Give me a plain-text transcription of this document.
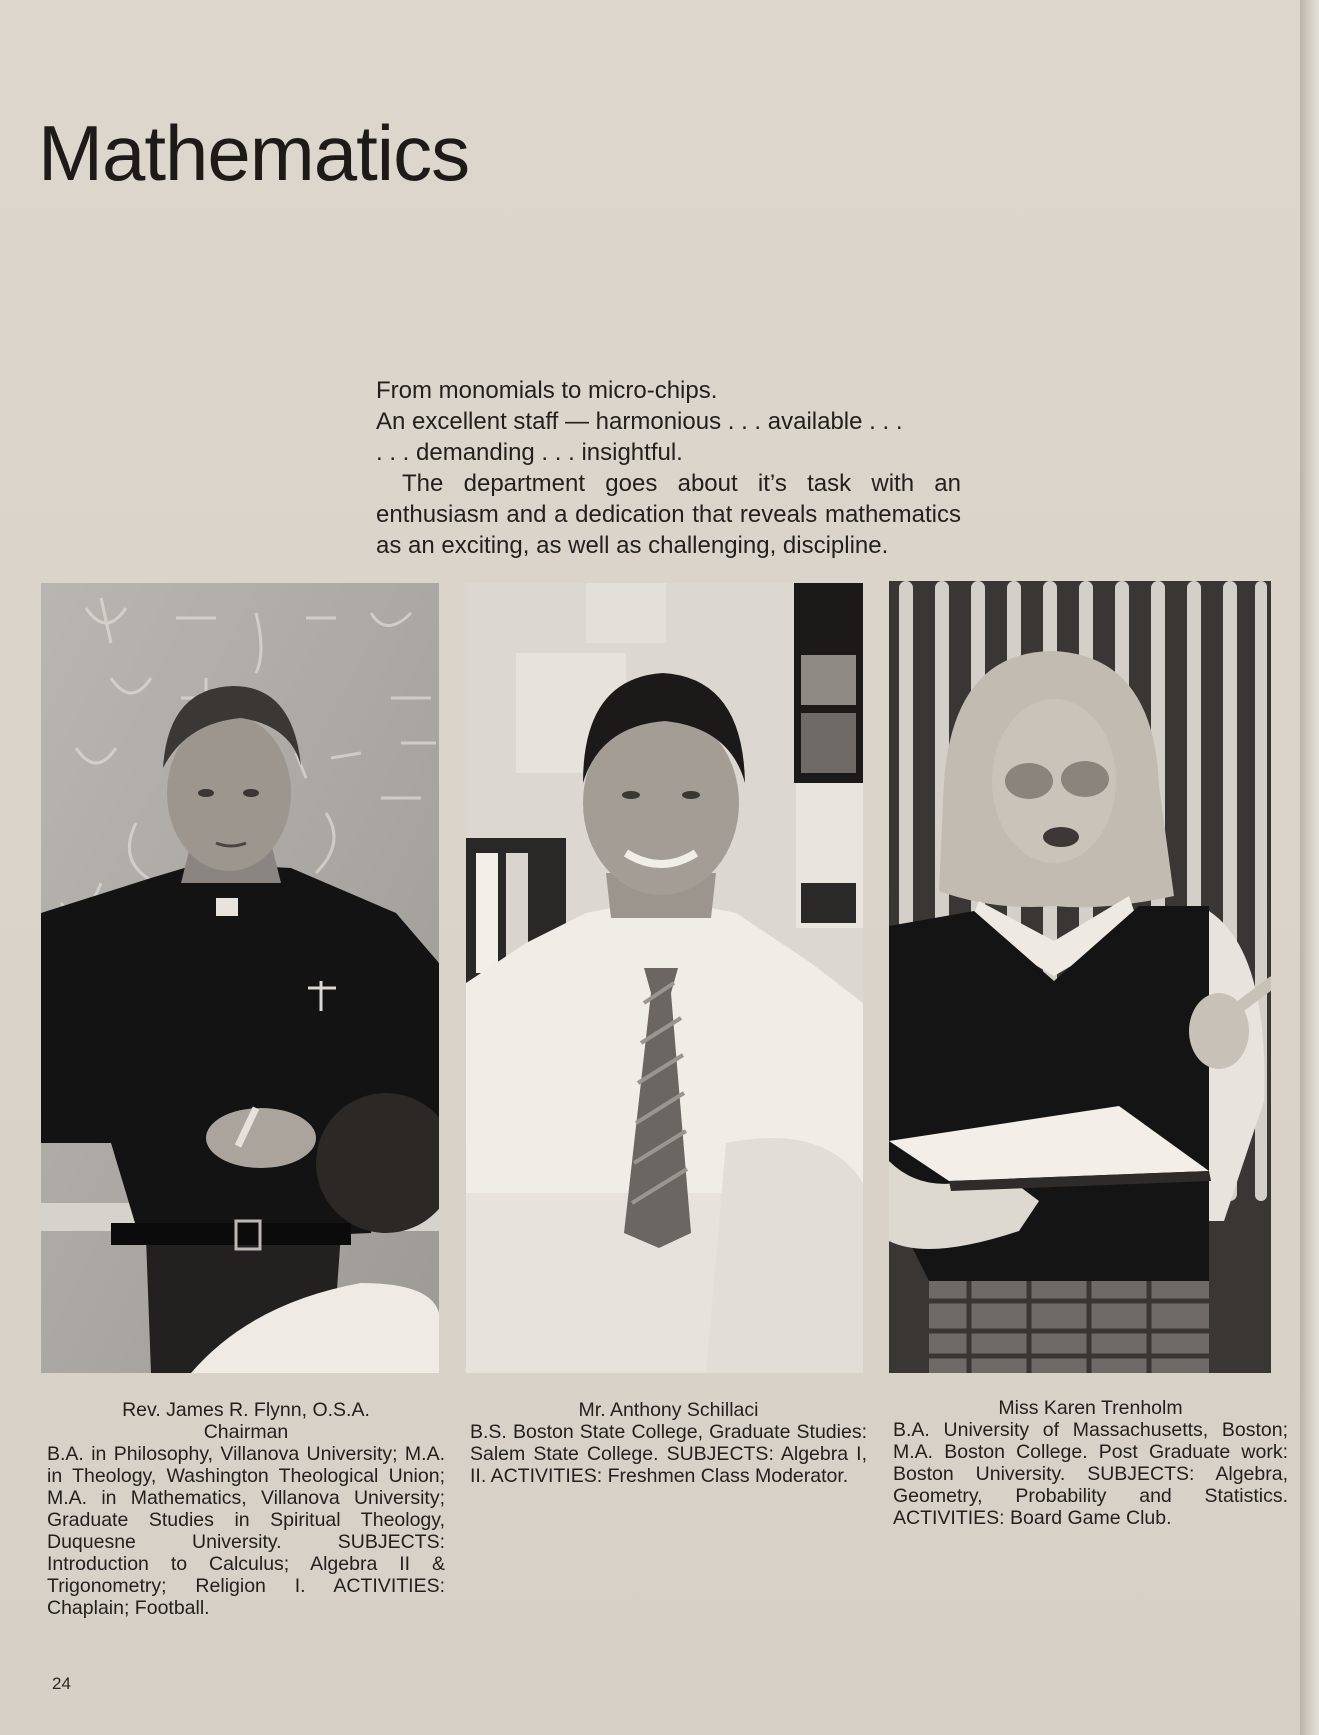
Mathematics

From monomials to micro-chips.

An excellent staff — harmonious . . . available . . .

. . . demanding . . . insightful.

The department goes about it’s task with an enthusiasm and a dedication that reveals mathematics as an exciting, as well as challenging, discipline.

Rev. James R. Flynn, O.S.A.
Chairman
B.A. in Philosophy, Villanova University; M.A. in Theology, Washington Theological Union; M.A. in Mathematics, Villanova University; Graduate Studies in Spiritual Theology, Duquesne University. SUBJECTS: Introduction to Calculus; Algebra II & Trigonometry; Religion I. ACTIVITIES: Chaplain; Football.
Mr. Anthony Schillaci
B.S. Boston State College, Graduate Studies: Salem State College. SUBJECTS: Algebra I, II. ACTIVITIES: Freshmen Class Moderator.
Miss Karen Trenholm
B.A. University of Massachusetts, Boston; M.A. Boston College. Post Graduate work: Boston University. SUBJECTS: Algebra, Geometry, Probability and Statistics. ACTIVITIES: Board Game Club.
24
